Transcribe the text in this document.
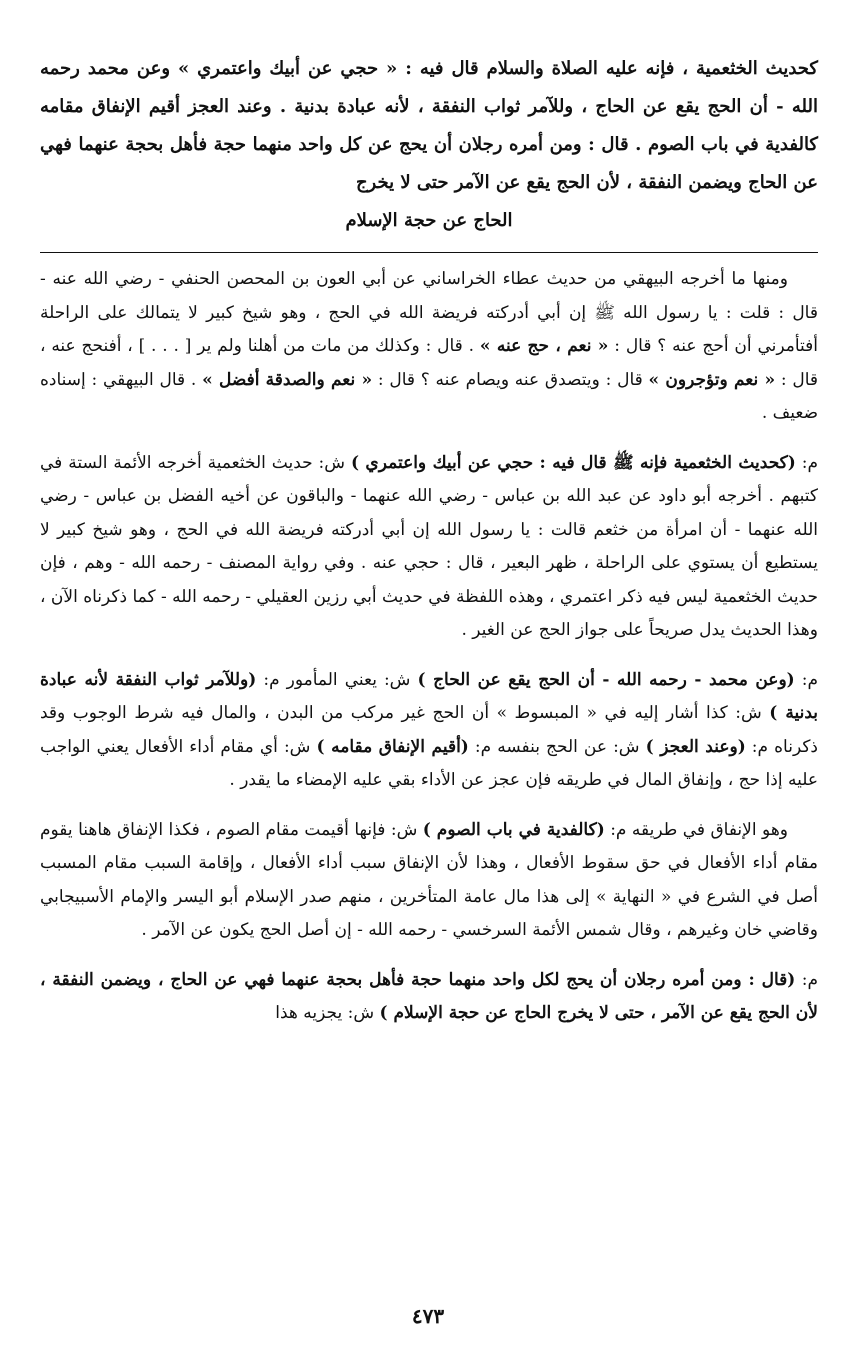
كحديث الخثعمية ، فإنه عليه الصلاة والسلام قال فيه : « حجي عن أبيك واعتمري » وعن محمد رحمه الله - أن الحج يقع عن الحاج ، وللآمر ثواب النفقة ، لأنه عبادة بدنية . وعند العجز أقيم الإنفاق مقامه كالفدية في باب الصوم . قال : ومن أمره رجلان أن يحج عن كل واحد منهما حجة فأهل بحجة عنهما فهي عن الحاج ويضمن النفقة ، لأن الحج يقع عن الآمر حتى لا يخرج
الحاج عن حجة الإسلام

ومنها ما أخرجه البيهقي من حديث عطاء الخراساني عن أبي العون بن المحصن الحنفي - رضي الله عنه - قال : قلت : يا رسول الله ﷺ إن أبي أدركته فريضة الله في الحج ، وهو شيخ كبير لا يتمالك على الراحلة أفتأمرني أن أحج عنه ؟ قال : « نعم ، حج عنه » . قال : وكذلك من مات من أهلنا ولم ير [ . . . ] ، أفنحج عنه ، قال : « نعم وتؤجرون » قال : ويتصدق عنه ويصام عنه ؟ قال : « نعم والصدقة أفضل » . قال البيهقي : إسناده ضعيف .

م: (كحديث الخثعمية فإنه ﷺ قال فيه : حجي عن أبيك واعتمري ) ش: حديث الخثعمية أخرجه الأئمة الستة في كتبهم . أخرجه أبو داود عن عبد الله بن عباس - رضي الله عنهما - والباقون عن أخيه الفضل بن عباس - رضي الله عنهما - أن امرأة من خثعم قالت : يا رسول الله إن أبي أدركته فريضة الله في الحج ، وهو شيخ كبير لا يستطيع أن يستوي على الراحلة ، ظهر البعير ، قال : حجي عنه . وفي رواية المصنف - رحمه الله - وهم ، فإن حديث الخثعمية ليس فيه ذكر اعتمري ، وهذه اللفظة في حديث أبي رزين العقيلي - رحمه الله - كما ذكرناه الآن ، وهذا الحديث يدل صريحاً على جواز الحج عن الغير .

م: (وعن محمد - رحمه الله - أن الحج يقع عن الحاج ) ش: يعني المأمور م: (وللآمر ثواب النفقة لأنه عبادة بدنية ) ش: كذا أشار إليه في « المبسوط » أن الحج غير مركب من البدن ، والمال فيه شرط الوجوب وقد ذكرناه م: (وعند العجز ) ش: عن الحج بنفسه م: (أقيم الإنفاق مقامه ) ش: أي مقام أداء الأفعال يعني الواجب عليه إذا حج ، وإنفاق المال في طريقه فإن عجز عن الأداء بقي عليه الإمضاء ما يقدر .

وهو الإنفاق في طريقه م: (كالفدية في باب الصوم ) ش: فإنها أقيمت مقام الصوم ، فكذا الإنفاق هاهنا يقوم مقام أداء الأفعال في حق سقوط الأفعال ، وهذا لأن الإنفاق سبب أداء الأفعال ، وإقامة السبب مقام المسبب أصل في الشرع في « النهاية » إلى هذا مال عامة المتأخرين ، منهم صدر الإسلام أبو اليسر والإمام الأسبيجابي وقاضي خان وغيرهم ، وقال شمس الأئمة السرخسي - رحمه الله - إن أصل الحج يكون عن الآمر .

م: (قال : ومن أمره رجلان أن يحج لكل واحد منهما حجة فأهل بحجة عنهما فهي عن الحاج ، ويضمن النفقة ، لأن الحج يقع عن الآمر ، حتى لا يخرج الحاج عن حجة الإسلام ) ش: يجزيه هذا

٤٧٣
